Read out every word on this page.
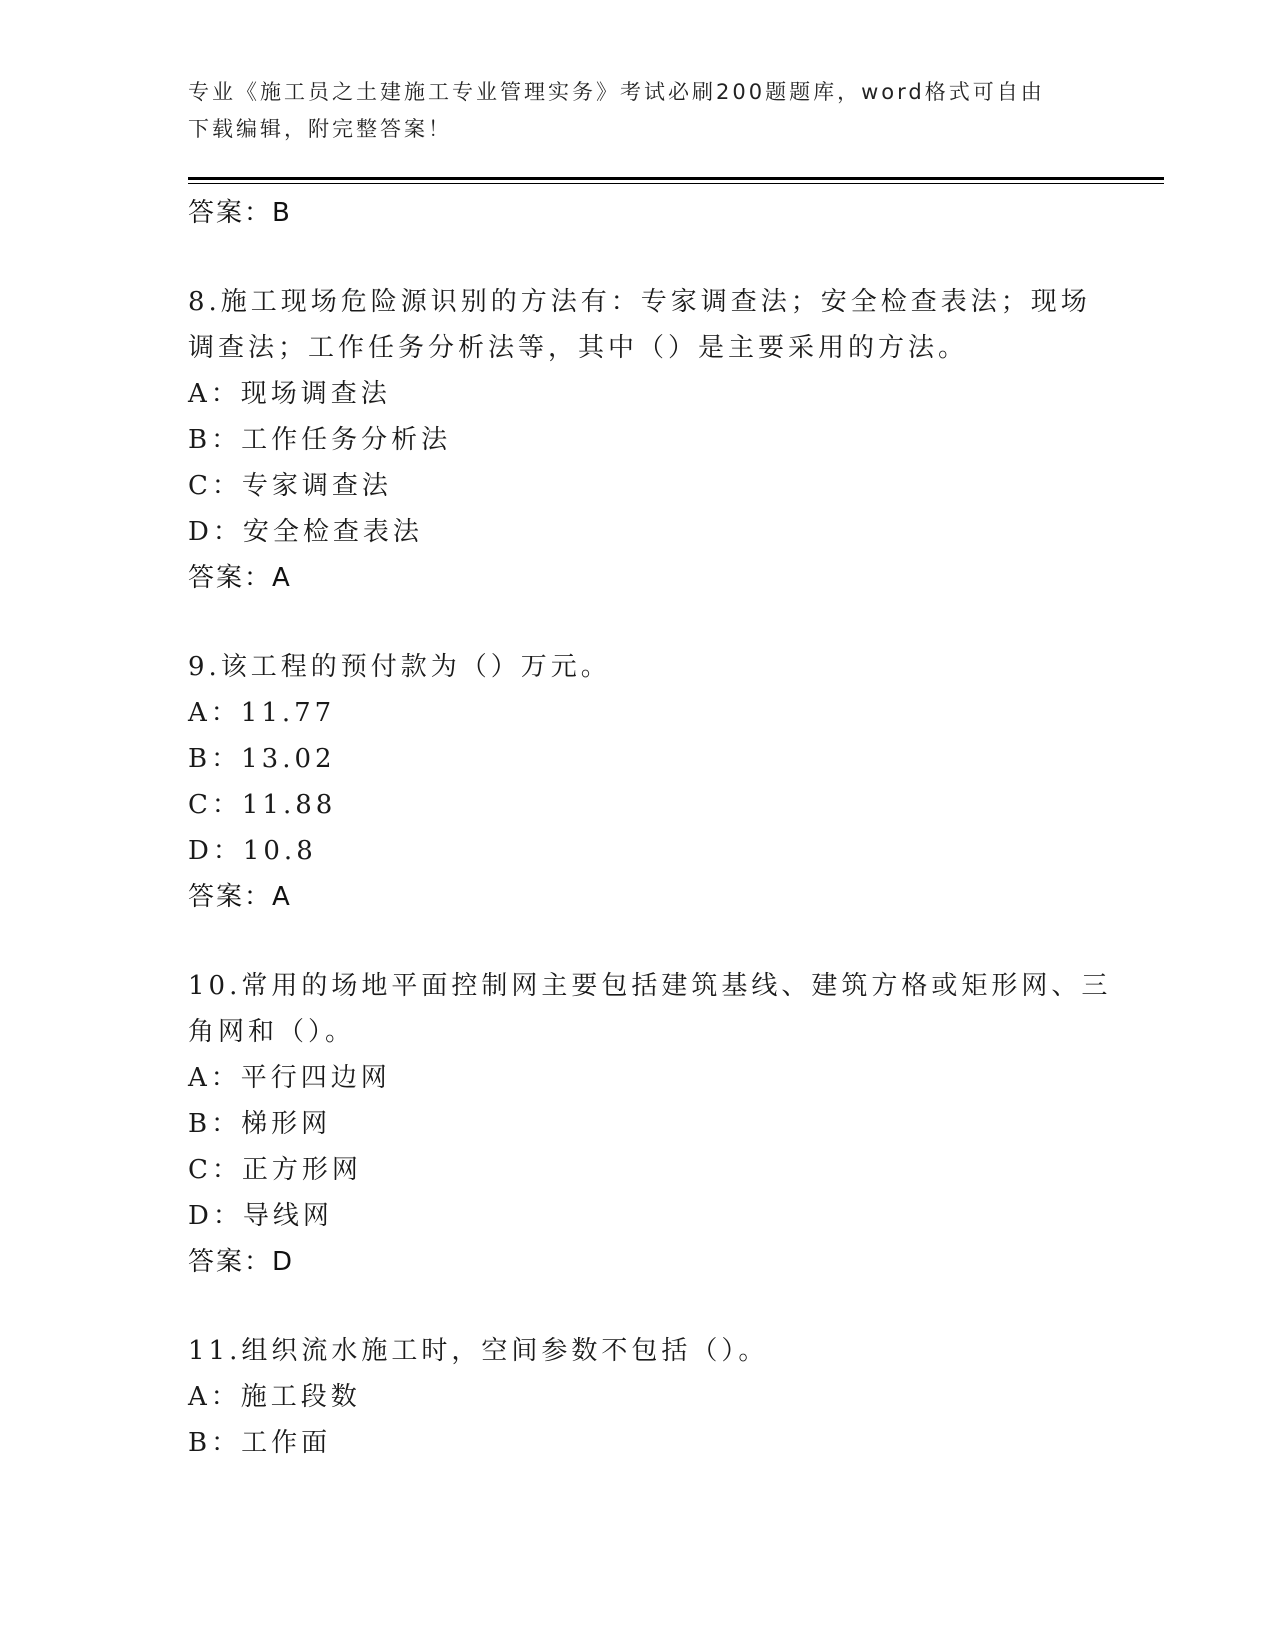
专业《施工员之土建施工专业管理实务》考试必刷200题题库，word格式可自由
下载编辑，附完整答案！
答案：B
8.施工现场危险源识别的方法有：专家调查法；安全检查表法；现场
调查法；工作任务分析法等，其中（）是主要采用的方法。
A：现场调查法
B：工作任务分析法
C：专家调查法
D：安全检查表法
答案：A
9.该工程的预付款为（）万元。
A：11.77
B：13.02
C：11.88
D：10.8
答案：A
10.常用的场地平面控制网主要包括建筑基线、建筑方格或矩形网、三
角网和（）。
A：平行四边网
B：梯形网
C：正方形网
D：导线网
答案：D
11.组织流水施工时，空间参数不包括（）。
A：施工段数
B：工作面
